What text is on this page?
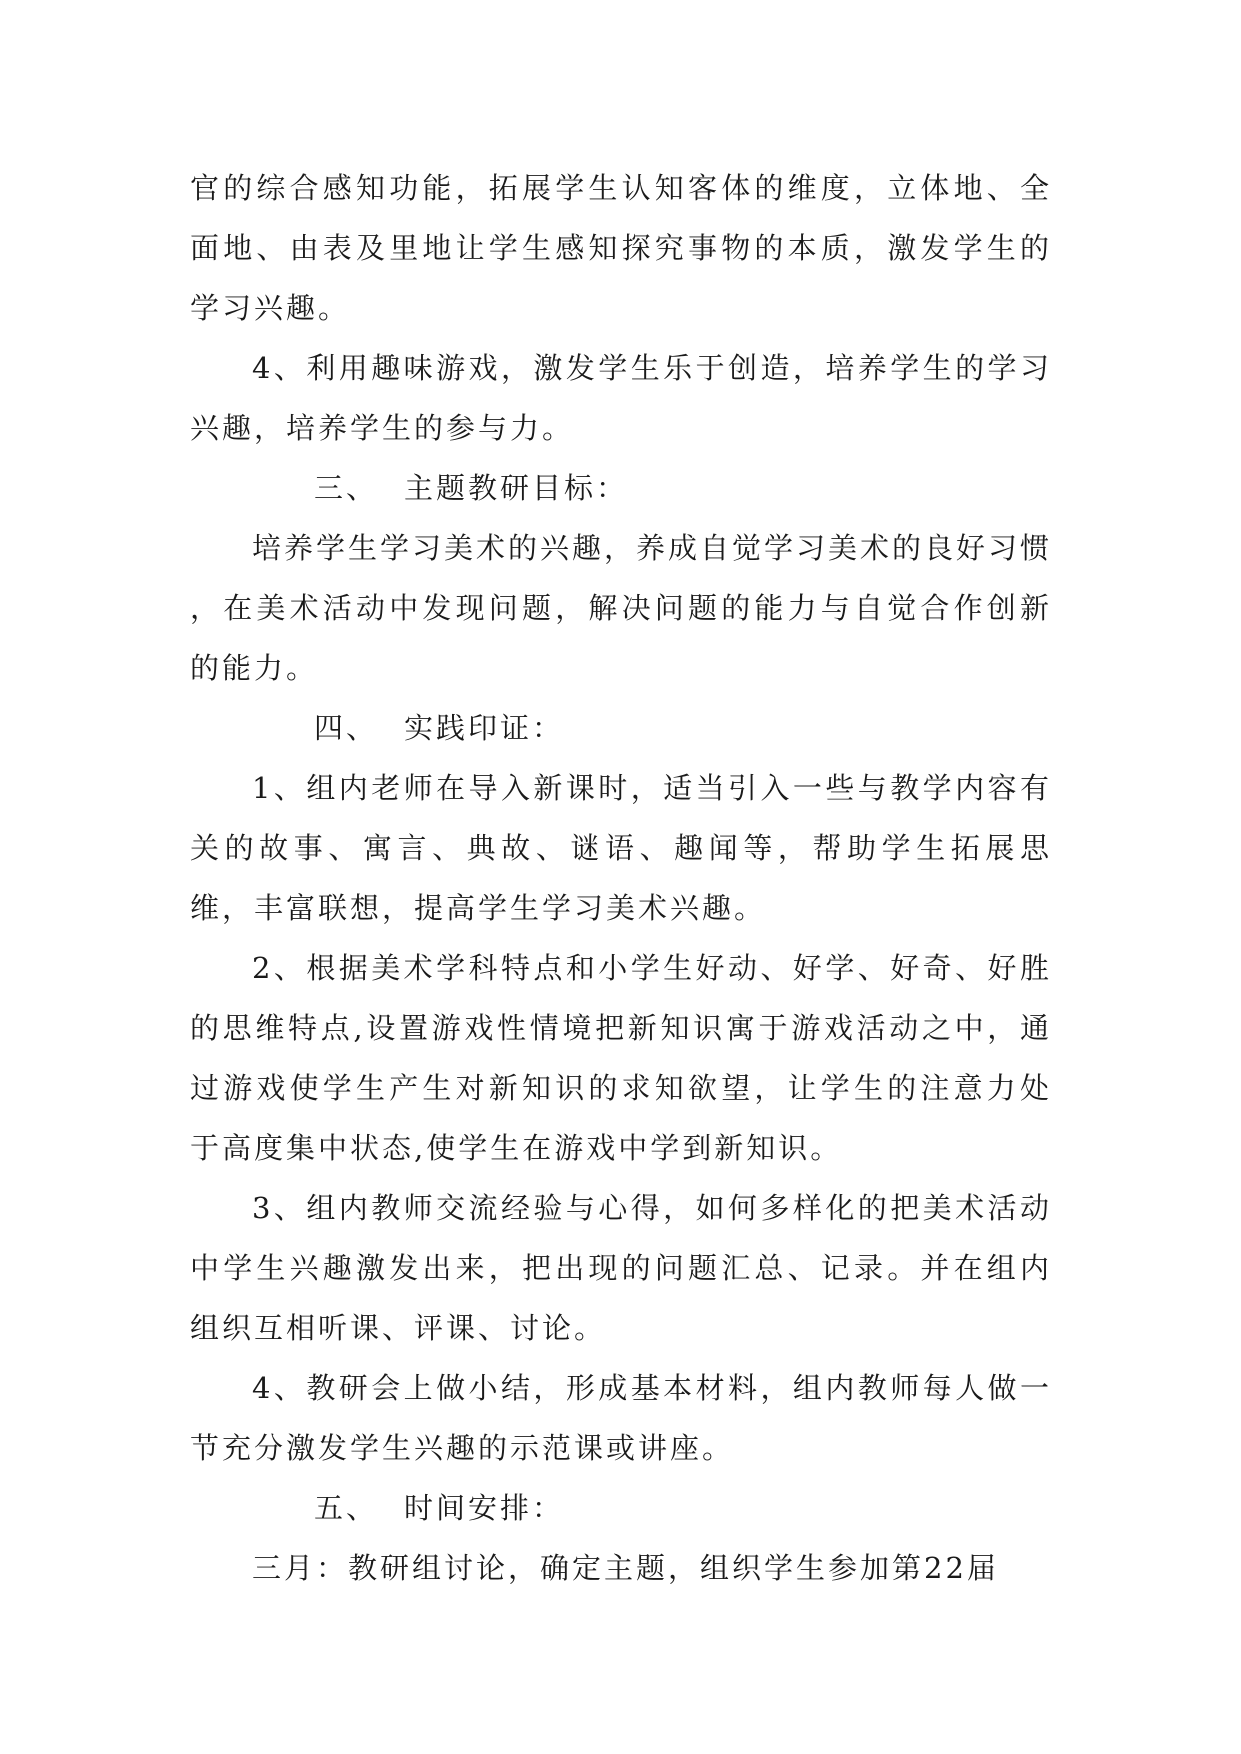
官的综合感知功能，拓展学生认知客体的维度，立体地、全面地、由表及里地让学生感知探究事物的本质，激发学生的学习兴趣。

4、利用趣味游戏，激发学生乐于创造，培养学生的学习兴趣，培养学生的参与力。

三、 主题教研目标：

培养学生学习美术的兴趣，养成自觉学习美术的良好习惯 ，在美术活动中发现问题，解决问题的能力与自觉合作创新的能力。

四、 实践印证：

1、组内老师在导入新课时，适当引入一些与教学内容有关的故事、寓言、典故、谜语、趣闻等，帮助学生拓展思维，丰富联想，提高学生学习美术兴趣。

2、根据美术学科特点和小学生好动、好学、好奇、好胜的思维特点,设置游戏性情境把新知识寓于游戏活动之中，通过游戏使学生产生对新知识的求知欲望，让学生的注意力处于高度集中状态,使学生在游戏中学到新知识。

3、组内教师交流经验与心得，如何多样化的把美术活动中学生兴趣激发出来，把出现的问题汇总、记录。并在组内组织互相听课、评课、讨论。

4、教研会上做小结，形成基本材料，组内教师每人做一节充分激发学生兴趣的示范课或讲座。

五、 时间安排：

三月：教研组讨论，确定主题，组织学生参加第22届
